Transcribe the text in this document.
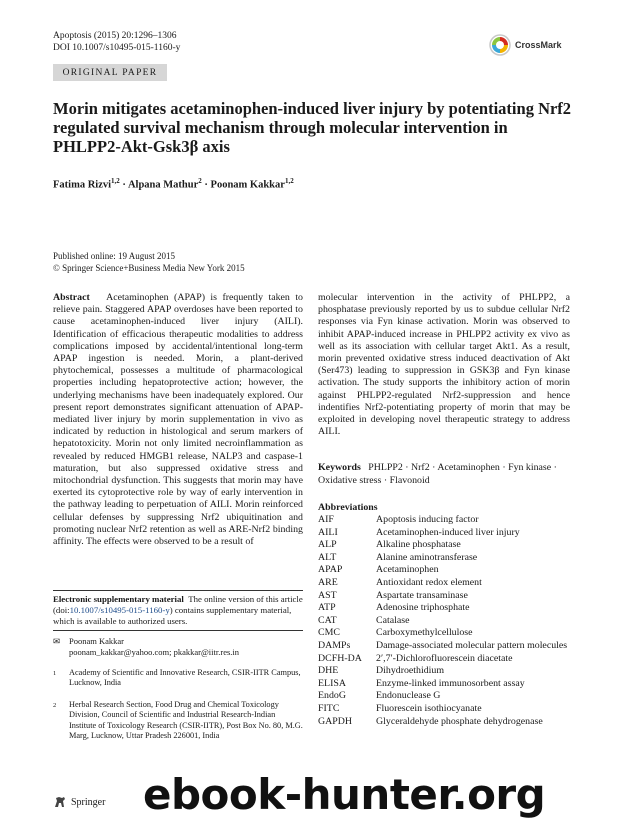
Apoptosis (2015) 20:1296–1306
DOI 10.1007/s10495-015-1160-y	CrossMark
ORIGINAL PAPER
Morin mitigates acetaminophen-induced liver injury by potentiating Nrf2 regulated survival mechanism through molecular intervention in PHLPP2-Akt-Gsk3β axis
Fatima Rizvi$^{1,2}$ · Alpana Mathur$^2$ · Poonam Kakkar$^{1,2}$
Published online: 19 August 2015
© Springer Science+Business Media New York 2015
Abstract Acetaminophen (APAP) is frequently taken to relieve pain. Staggered APAP overdoses have been reported to cause acetaminophen-induced liver injury (AILI). Identification of efficacious therapeutic modalities to address complications imposed by accidental/intentional long-term APAP ingestion is needed. Morin, a plant-derived phytochemical, possesses a multitude of pharmacological properties including hepatoprotective action; however, the underlying mechanisms have been inadequately explored. Our present report demonstrates significant attenuation of APAP-mediated liver injury by morin supplementation in vivo as indicated by reduction in histological and serum markers of hepatotoxicity. Morin not only limited necroinflammation as revealed by reduced HMGB1 release, NALP3 and caspase-1 maturation, but also suppressed oxidative stress and mitochondrial dysfunction. This suggests that morin may have exerted its cytoprotective role by way of early intervention in the pathway leading to perpetuation of AILI. Morin reinforced cellular defenses by suppressing Nrf2 ubiquitination and promoting nuclear Nrf2 retention as well as ARE-Nrf2 binding affinity. The effects were observed to be a result of
Electronic supplementary material The online version of this article (doi:10.1007/s10495-015-1160-y) contains supplementary material, which is available to authorized users.
✉ Poonam Kakkar
poonam_kakkar@yahoo.com; pkakkar@iitr.res.in
1	Academy of Scientific and Innovative Research, CSIR-IITR Campus, Lucknow, India
2	Herbal Research Section, Food Drug and Chemical Toxicology Division, Council of Scientific and Industrial Research-Indian Institute of Toxicology Research (CSIR-IITR), Post Box No. 80, M.G. Marg, Lucknow, Uttar Pradesh 226001, India
molecular intervention in the activity of PHLPP2, a phosphatase previously reported by us to subdue cellular Nrf2 responses via Fyn kinase activation. Morin was observed to inhibit APAP-induced increase in PHLPP2 activity ex vivo as well as its association with cellular target Akt1. As a result, morin prevented oxidative stress induced deactivation of Akt (Ser473) leading to suppression in GSK3β and Fyn kinase activation. The study supports the inhibitory action of morin against PHLPP2-regulated Nrf2-suppression and hence indentifies Nrf2-potentiating property of morin that may be exploited in developing novel therapeutic strategy to address AILI.
Keywords PHLPP2 · Nrf2 · Acetaminophen · Fyn kinase · Oxidative stress · Flavonoid
Abbreviations
AIF	Apoptosis inducing factor
AILI	Acetaminophen-induced liver injury
ALP	Alkaline phosphatase
ALT	Alanine aminotransferase
APAP	Acetaminophen
ARE	Antioxidant redox element
AST	Aspartate transaminase
ATP	Adenosine triphosphate
CAT	Catalase
CMC	Carboxymethylcellulose
DAMPs	Damage-associated molecular pattern molecules
DCFH-DA	2′,7′-Dichlorofluorescein diacetate
DHE	Dihydroethidium
ELISA	Enzyme-linked immunosorbent assay
EndoG	Endonuclease G
FITC	Fluorescein isothiocyanate
GAPDH	Glyceraldehyde phosphate dehydrogenase
Springer ebook-hunter.org
